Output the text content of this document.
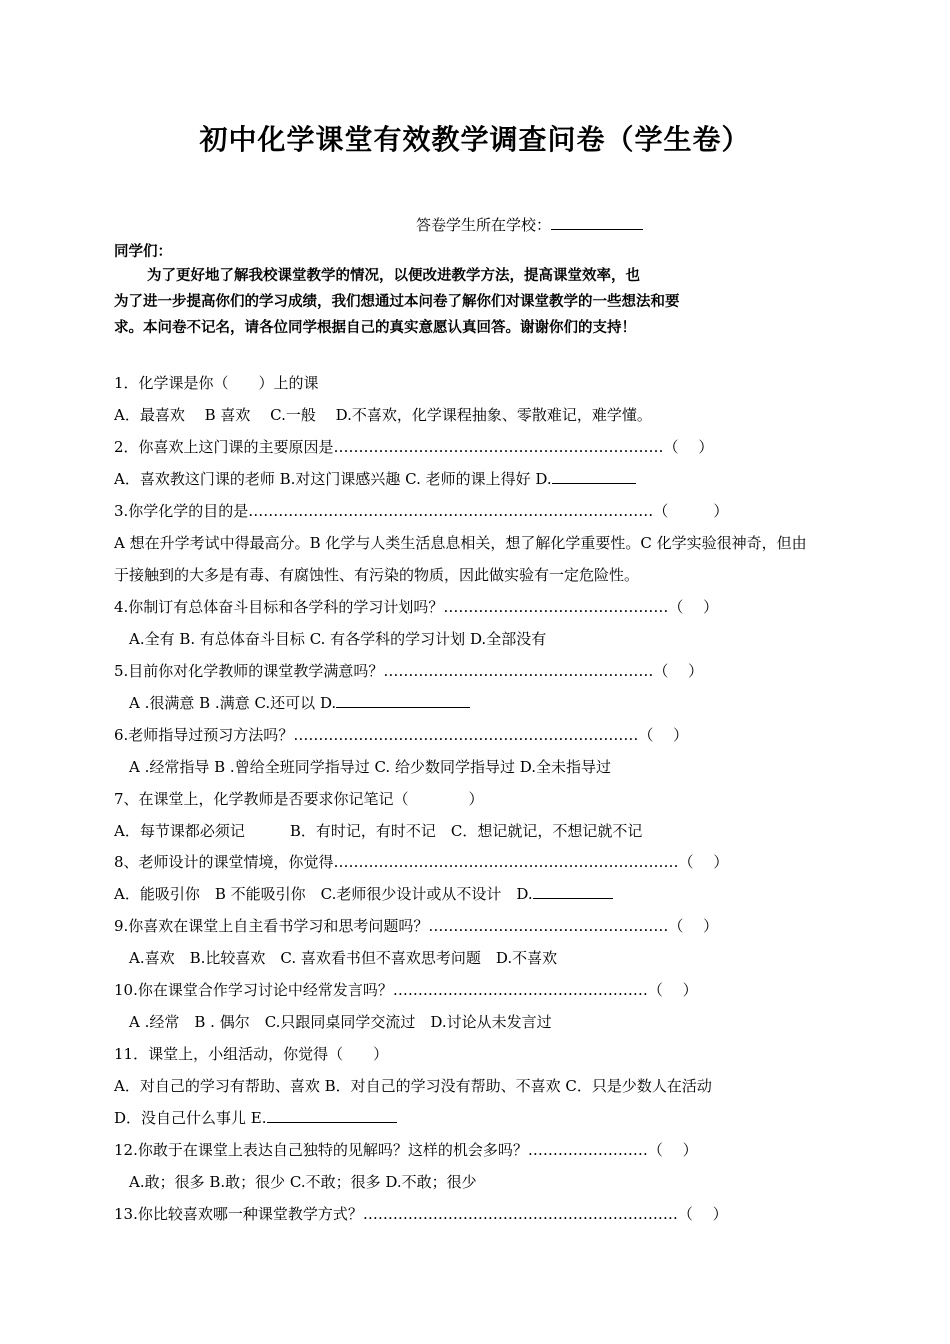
初中化学课堂有效教学调查问卷（学生卷）
答卷学生所在学校：
同学们：
为了更好地了解我校课堂教学的情况，以便改进教学方法，提高课堂效率，也
为了进一步提高你们的学习成绩，我们想通过本问卷了解你们对课堂教学的一些想法和要
求。本问卷不记名，请各位同学根据自己的真实意愿认真回答。谢谢你们的支持！
1．化学课是你（　　）上的课
A．最喜欢　 B 喜欢　 C.一般　 D.不喜欢，化学课程抽象、零散难记，难学懂。
2．你喜欢上这门课的主要原因是…………………………………………………………（　 ）
A．喜欢教这门课的老师 B.对这门课感兴趣 C. 老师的课上得好 D.
3.你学化学的目的是………………………………………………………………………（　　　）
A 想在升学考试中得最高分。B 化学与人类生活息息相关，想了解化学重要性。C 化学实验很神奇，但由
于接触到的大多是有毒、有腐蚀性、有污染的物质，因此做实验有一定危险性。
4.你制订有总体奋斗目标和各学科的学习计划吗？………………………………………（　 ）
　A.全有 B. 有总体奋斗目标 C. 有各学科的学习计划 D.全部没有
5.目前你对化学教师的课堂教学满意吗？………………………………………………（　 ）
　A .很满意 B .满意 C.还可以 D.
6.老师指导过预习方法吗？……………………………………………………………（　 ）
　A .经常指导 B .曾给全班同学指导过 C. 给少数同学指导过 D.全未指导过
7、在课堂上，化学教师是否要求你记笔记（　　　　）
A．每节课都必须记　　　B．有时记，有时不记　C．想记就记，不想记就不记
8、老师设计的课堂情境，你觉得……………………………………………………………（　 ）
A．能吸引你　B 不能吸引你　C.老师很少设计或从不设计　D.
9.你喜欢在课堂上自主看书学习和思考问题吗？…………………………………………（　 ）
　A.喜欢　B.比较喜欢　C. 喜欢看书但不喜欢思考问题　D.不喜欢
10.你在课堂合作学习讨论中经常发言吗？……………………………………………（　 ）
　A .经常　B . 偶尔　C.只跟同桌同学交流过　D.讨论从未发言过
11．课堂上，小组活动，你觉得（　　）
A．对自己的学习有帮助、喜欢 B．对自己的学习没有帮助、不喜欢 C．只是少数人在活动
D．没自己什么事儿 E.
12.你敢于在课堂上表达自己独特的见解吗？这样的机会多吗？……………………（　 ）
　A.敢；很多 B.敢；很少 C.不敢；很多 D.不敢；很少
13.你比较喜欢哪一种课堂教学方式？………………………………………………………（　 ）
